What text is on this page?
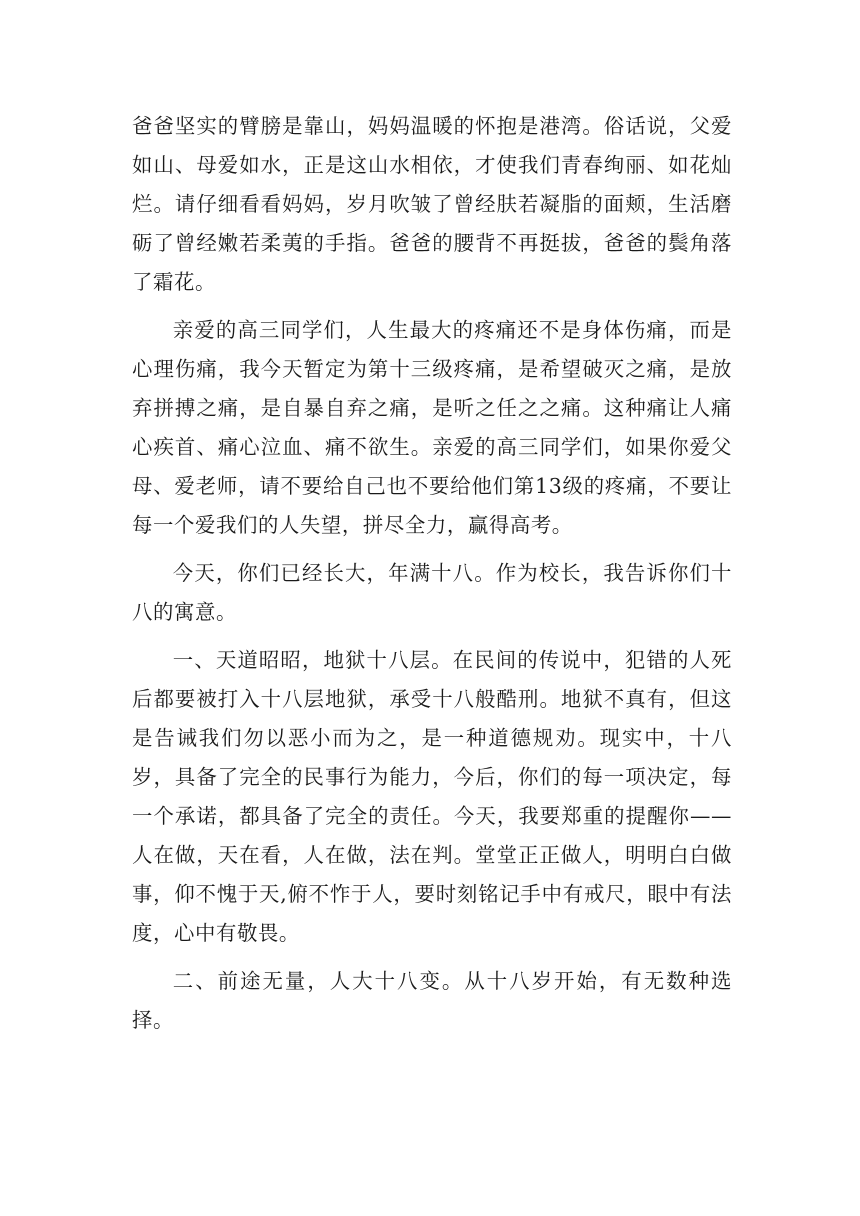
爸爸坚实的臂膀是靠山，妈妈温暖的怀抱是港湾。俗话说，父爱如山、母爱如水，正是这山水相依，才使我们青春绚丽、如花灿烂。请仔细看看妈妈，岁月吹皱了曾经肤若凝脂的面颊，生活磨砺了曾经嫩若柔荑的手指。爸爸的腰背不再挺拔，爸爸的鬓角落了霜花。

亲爱的高三同学们，人生最大的疼痛还不是身体伤痛，而是心理伤痛，我今天暂定为第十三级疼痛，是希望破灭之痛，是放弃拼搏之痛，是自暴自弃之痛，是听之任之之痛。这种痛让人痛心疾首、痛心泣血、痛不欲生。亲爱的高三同学们，如果你爱父母、爱老师，请不要给自己也不要给他们第13级的疼痛，不要让每一个爱我们的人失望，拼尽全力，赢得高考。

今天，你们已经长大，年满十八。作为校长，我告诉你们十八的寓意。

一、天道昭昭，地狱十八层。在民间的传说中，犯错的人死后都要被打入十八层地狱，承受十八般酷刑。地狱不真有，但这是告诫我们勿以恶小而为之，是一种道德规劝。现实中，十八岁，具备了完全的民事行为能力，今后，你们的每一项决定，每一个承诺，都具备了完全的责任。今天，我要郑重的提醒你——人在做，天在看，人在做，法在判。堂堂正正做人，明明白白做事，仰不愧于天,俯不怍于人，要时刻铭记手中有戒尺，眼中有法度，心中有敬畏。

二、前途无量，人大十八变。从十八岁开始，有无数种选择。
